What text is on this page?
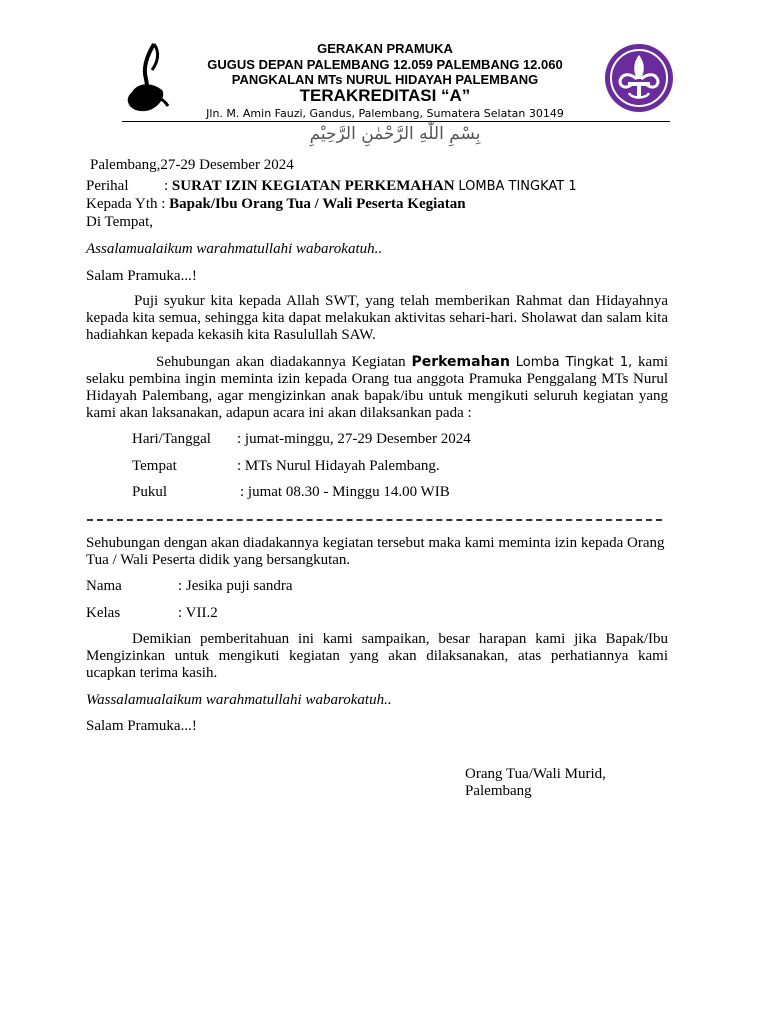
GERAKAN PRAMUKA
GUGUS DEPAN PALEMBANG 12.059 PALEMBANG 12.060
PANGKALAN MTs NURUL HIDAYAH PALEMBANG
TERAKREDITASI “A”
Jln. M. Amin Fauzi, Gandus, Palembang, Sumatera Selatan 30149
بِسْمِ اللّٰهِ الرَّحْمٰنِ الرَّحِيْمِ
Palembang,27-29 Desember 2024
Perihal : SURAT IZIN KEGIATAN PERKEMAHAN LOMBA TINGKAT 1
Kepada Yth : Bapak/Ibu Orang Tua / Wali Peserta Kegiatan
Di Tempat,
Assalamualaikum warahmatullahi wabarokatuh..
Salam Pramuka...!
Puji syukur kita kepada Allah SWT, yang telah memberikan Rahmat dan Hidayahnya kepada kita semua, sehingga kita dapat melakukan aktivitas sehari-hari. Sholawat dan salam kita hadiahkan kepada kekasih kita Rasulullah SAW.
Sehubungan akan diadakannya Kegiatan Perkemahan Lomba Tingkat 1, kami selaku pembina ingin meminta izin kepada Orang tua anggota Pramuka Penggalang MTs Nurul Hidayah Palembang, agar mengizinkan anak bapak/ibu untuk mengikuti seluruh kegiatan yang kami akan laksanakan, adapun acara ini akan dilaksankan pada :
Hari/Tanggal : jumat-minggu, 27-29 Desember 2024
Tempat	: MTs Nurul Hidayah Palembang.
Pukul	: jumat 08.30 - Minggu 14.00 WIB
Sehubungan dengan akan diadakannya kegiatan tersebut maka kami meminta izin kepada Orang Tua / Wali Peserta didik yang bersangkutan.
Nama	: Jesika puji sandra
Kelas	: VII.2
Demikian pemberitahuan ini kami sampaikan, besar harapan kami jika Bapak/Ibu Mengizinkan untuk mengikuti kegiatan yang akan dilaksanakan, atas perhatiannya kami ucapkan terima kasih.
Wassalamualaikum warahmatullahi wabarokatuh..
Salam Pramuka...!
Orang Tua/Wali Murid,
Palembang
